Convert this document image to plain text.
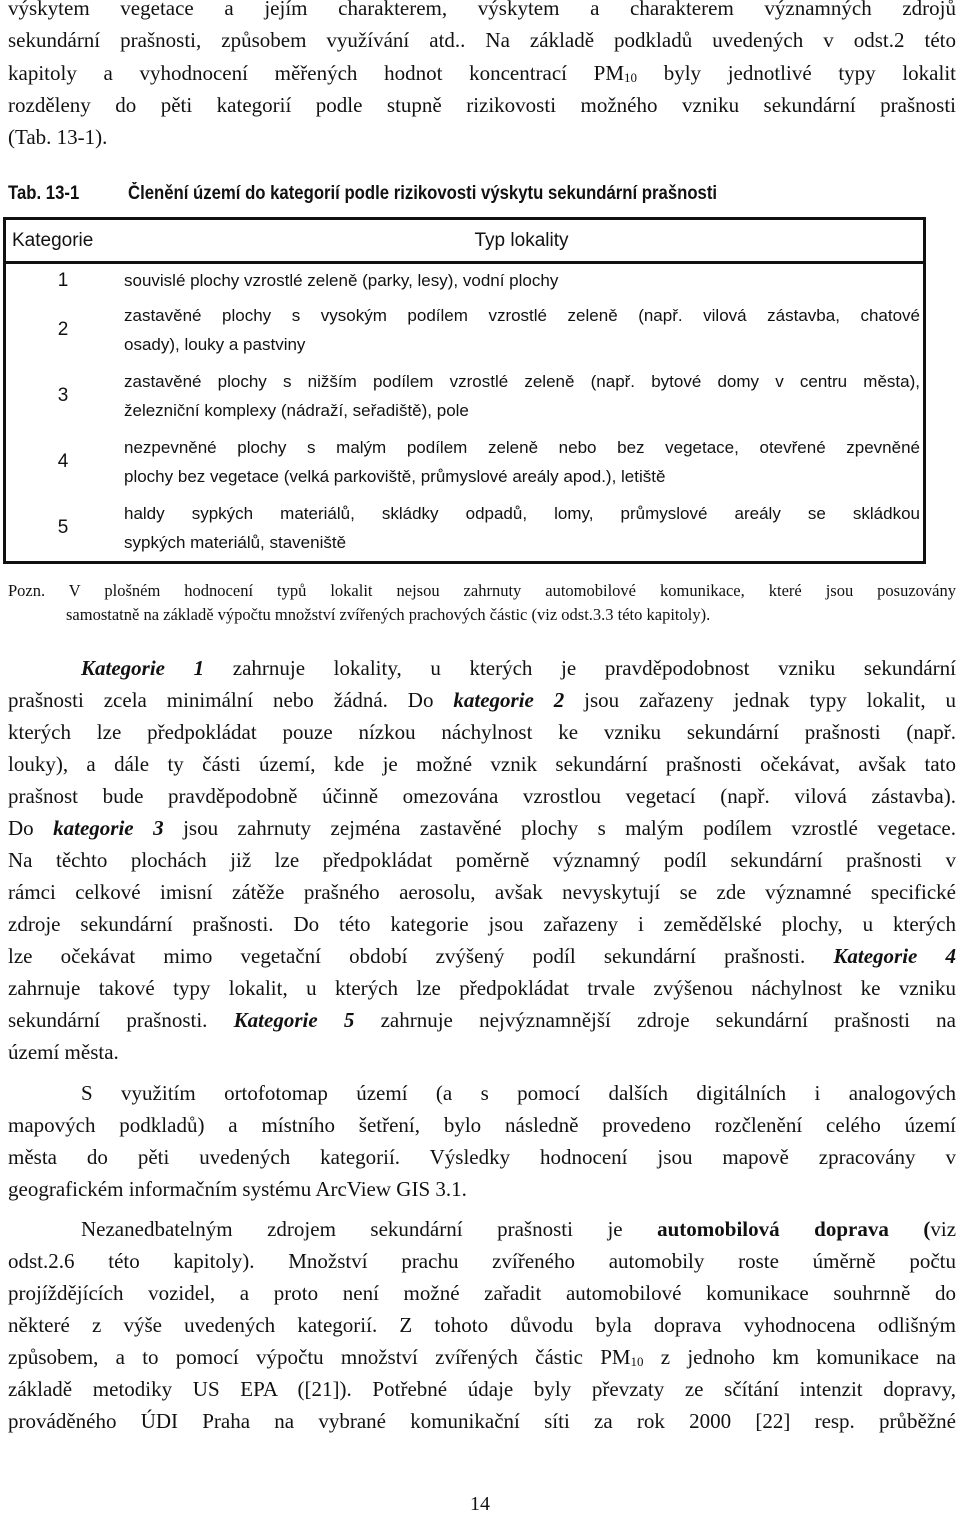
výskytem vegetace a jejím charakterem, výskytem a charakterem významných zdrojů
sekundární prašnosti, způsobem využívání atd.. Na základě podkladů uvedených v odst.2 této
kapitoly a vyhodnocení měřených hodnot koncentrací $PM_{10}$ byly jednotlivé typy lokalit
rozděleny do pěti kategorií podle stupně rizikovosti možného vzniku sekundární prašnosti
(Tab. 13-1).
Tab. 13-1	Členění území do kategorií podle rizikovosti výskytu sekundární prašnosti
Kategorie	Typ lokality
1	souvislé plochy vzrostlé zeleně (parky, lesy), vodní plochy

2	zastavěné plochy s vysokým podílem vzrostlé zeleně (např. vilová zástavba, chatové
osady), louky a pastviny

3	zastavěné plochy s nižším podílem vzrostlé zeleně (např. bytové domy v centru města),
železniční komplexy (nádraží, seřadiště), pole

4	nezpevněné plochy s malým podílem zeleně nebo bez vegetace, otevřené zpevněné
plochy bez vegetace (velká parkoviště, průmyslové areály apod.), letiště

5	haldy sypkých materiálů, skládky odpadů, lomy, průmyslové areály se skládkou
sypkých materiálů, staveniště
Pozn. V plošném hodnocení typů lokalit nejsou zahrnuty automobilové komunikace, které jsou posuzovány
samostatně na základě výpočtu množství zvířených prachových částic (viz odst.3.3 této kapitoly).
Kategorie 1 zahrnuje lokality, u kterých je pravděpodobnost vzniku sekundární
prašnosti zcela minimální nebo žádná. Do kategorie 2 jsou zařazeny jednak typy lokalit, u
kterých lze předpokládat pouze nízkou náchylnost ke vzniku sekundární prašnosti (např.
louky), a dále ty části území, kde je možné vznik sekundární prašnosti očekávat, avšak tato
prašnost bude pravděpodobně účinně omezována vzrostlou vegetací (např. vilová zástavba).
Do kategorie 3 jsou zahrnuty zejména zastavěné plochy s malým podílem vzrostlé vegetace.
Na těchto plochách již lze předpokládat poměrně významný podíl sekundární prašnosti v
rámci celkové imisní zátěže prašného aerosolu, avšak nevyskytují se zde významné specifické
zdroje sekundární prašnosti. Do této kategorie jsou zařazeny i zemědělské plochy, u kterých
lze očekávat mimo vegetační období zvýšený podíl sekundární prašnosti. Kategorie 4
zahrnuje takové typy lokalit, u kterých lze předpokládat trvale zvýšenou náchylnost ke vzniku
sekundární prašnosti. Kategorie 5 zahrnuje nejvýznamnější zdroje sekundární prašnosti na
území města.
S využitím ortofotomap území (a s pomocí dalších digitálních i analogových
mapových podkladů) a místního šetření, bylo následně provedeno rozčlenění celého území
města do pěti uvedených kategorií. Výsledky hodnocení jsou mapově zpracovány v
geografickém informačním systému ArcView GIS 3.1.
Nezanedbatelným zdrojem sekundární prašnosti je automobilová doprava (viz
odst.2.6 této kapitoly). Množství prachu zvířeného automobily roste úměrně počtu
projíždějících vozidel, a proto není možné zařadit automobilové komunikace souhrnně do
některé z výše uvedených kategorií. Z tohoto důvodu byla doprava vyhodnocena odlišným
způsobem, a to pomocí výpočtu množství zvířených částic $PM_{10}$ z jednoho km komunikace na
základě metodiky US EPA ([21]). Potřebné údaje byly převzaty ze sčítání intenzit dopravy,
prováděného ÚDI Praha na vybrané komunikační síti za rok 2000 [22] resp. průběžné
14
